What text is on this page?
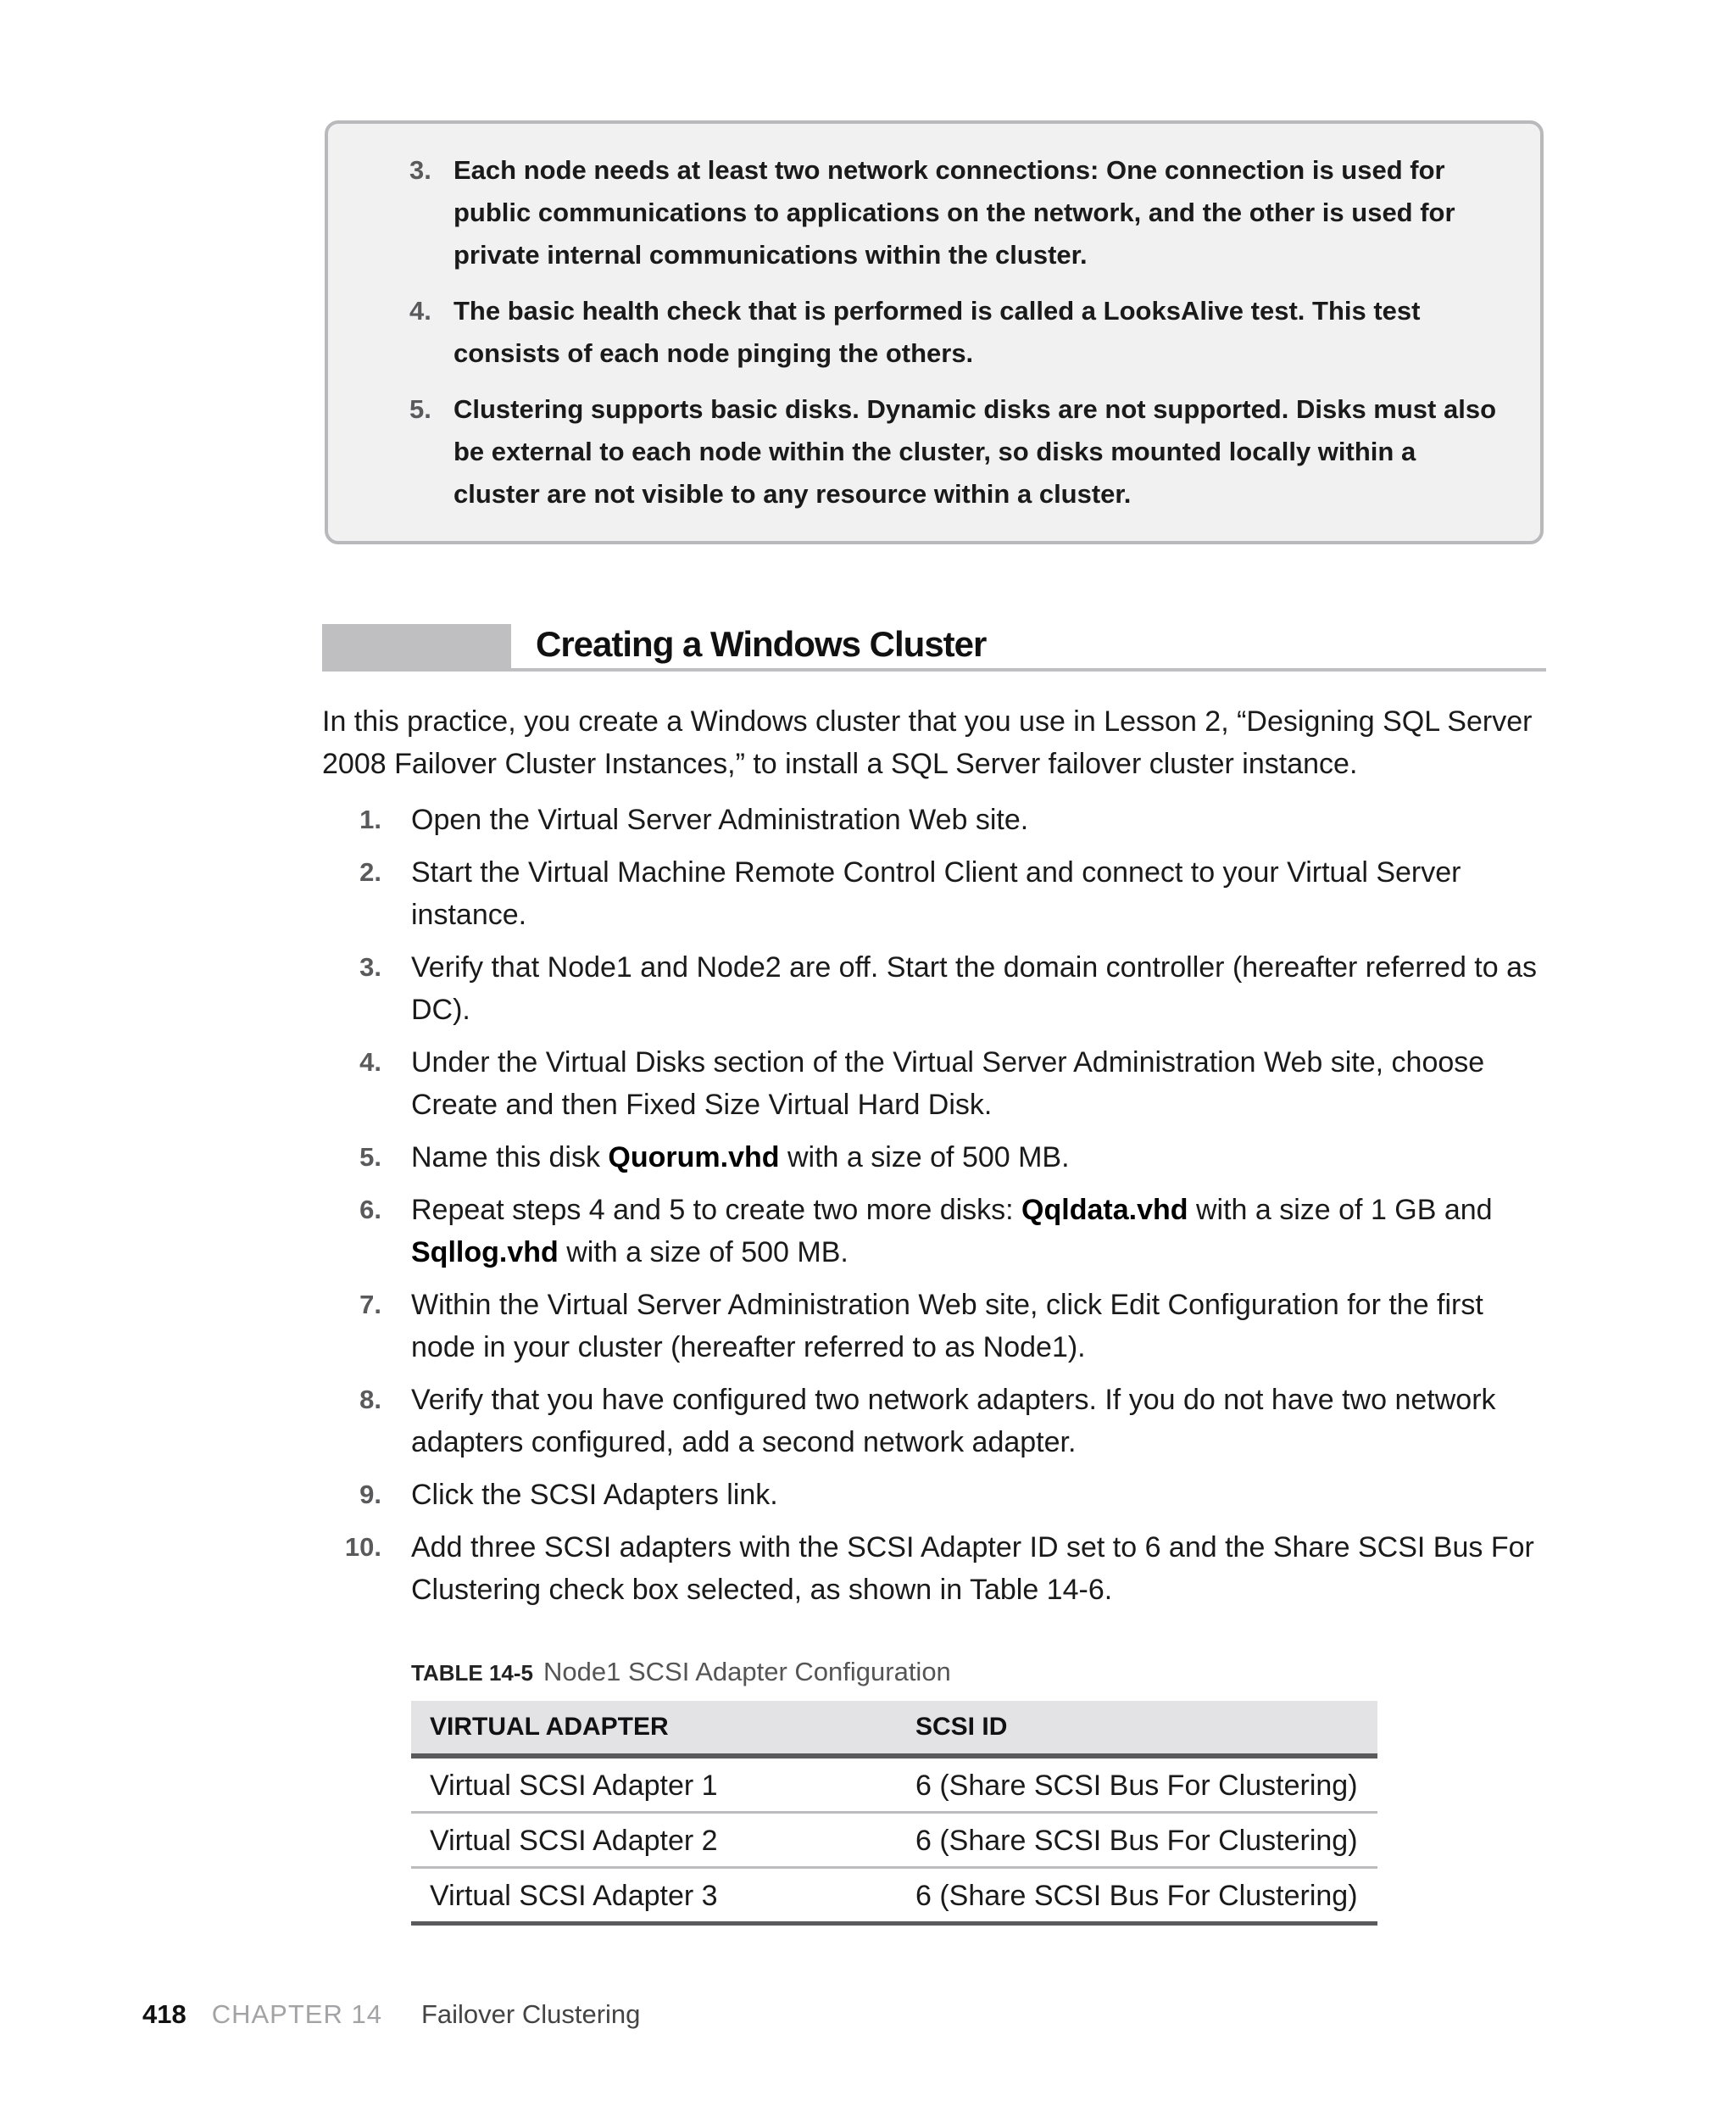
3. Each node needs at least two network connections: One connection is used for public communications to applications on the network, and the other is used for private internal communications within the cluster.
4. The basic health check that is performed is called a LooksAlive test. This test consists of each node pinging the others.
5. Clustering supports basic disks. Dynamic disks are not supported. Disks must also be external to each node within the cluster, so disks mounted locally within a cluster are not visible to any resource within a cluster.
Creating a Windows Cluster
In this practice, you create a Windows cluster that you use in Lesson 2, “Designing SQL Server 2008 Failover Cluster Instances,” to install a SQL Server failover cluster instance.
1. Open the Virtual Server Administration Web site.
2. Start the Virtual Machine Remote Control Client and connect to your Virtual Server instance.
3. Verify that Node1 and Node2 are off. Start the domain controller (hereafter referred to as DC).
4. Under the Virtual Disks section of the Virtual Server Administration Web site, choose Create and then Fixed Size Virtual Hard Disk.
5. Name this disk Quorum.vhd with a size of 500 MB.
6. Repeat steps 4 and 5 to create two more disks: Qqldata.vhd with a size of 1 GB and Sqllog.vhd with a size of 500 MB.
7. Within the Virtual Server Administration Web site, click Edit Configuration for the first node in your cluster (hereafter referred to as Node1).
8. Verify that you have configured two network adapters. If you do not have two network adapters configured, add a second network adapter.
9. Click the SCSI Adapters link.
10. Add three SCSI adapters with the SCSI Adapter ID set to 6 and the Share SCSI Bus For Clustering check box selected, as shown in Table 14-6.
TABLE 14-5 Node1 SCSI Adapter Configuration
VIRTUAL ADAPTER	SCSI ID
Virtual SCSI Adapter 1	6 (Share SCSI Bus For Clustering)
Virtual SCSI Adapter 2	6 (Share SCSI Bus For Clustering)
Virtual SCSI Adapter 3	6 (Share SCSI Bus For Clustering)
418 CHAPTER 14 Failover Clustering
